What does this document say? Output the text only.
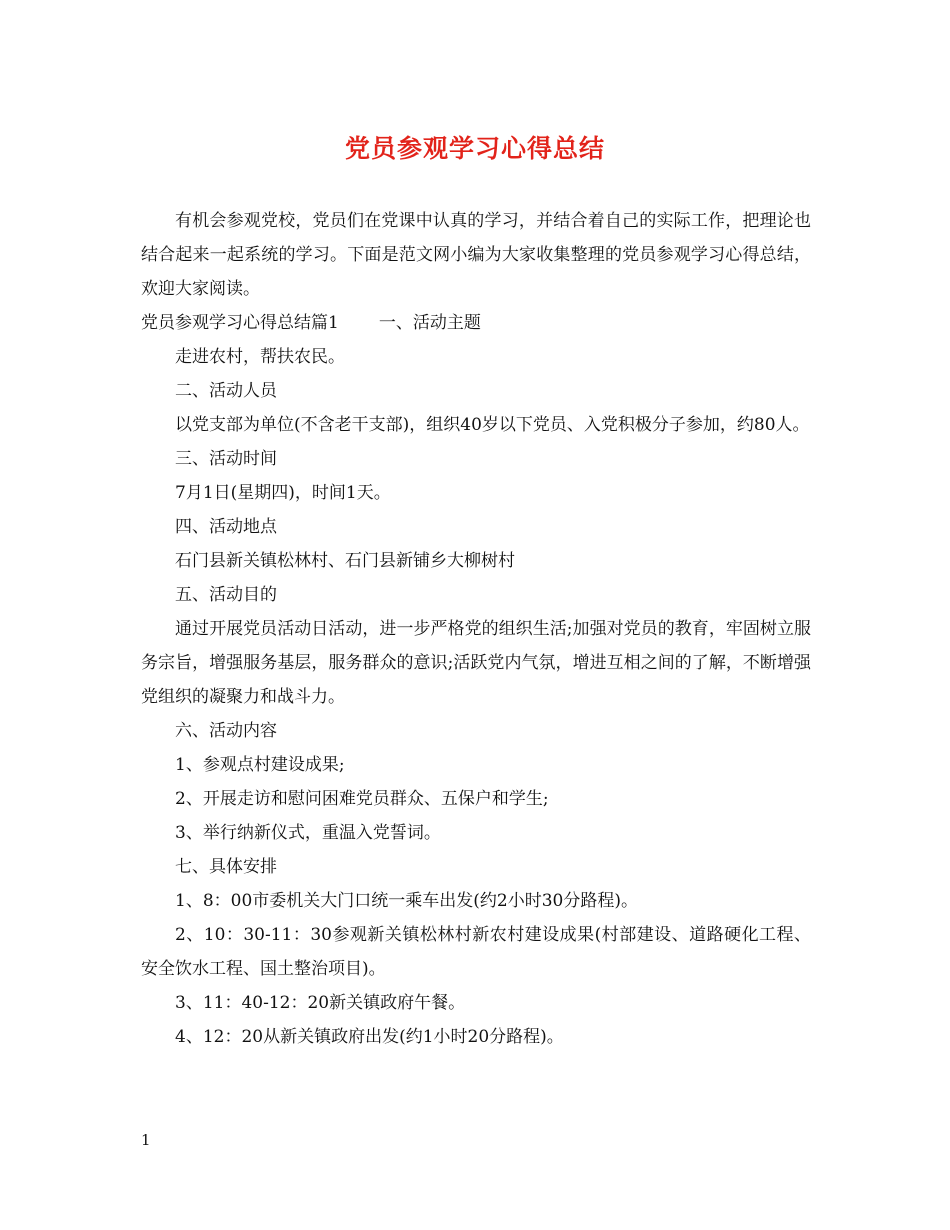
党员参观学习心得总结

有机会参观党校，党员们在党课中认真的学习，并结合着自己的实际工作，把理论也结合起来一起系统的学习。下面是范文网小编为大家收集整理的党员参观学习心得总结，欢迎大家阅读。

党员参观学习心得总结篇1 一、活动主题

走进农村，帮扶农民。

二、活动人员

以党支部为单位(不含老干支部)，组织40岁以下党员、入党积极分子参加，约80人。

三、活动时间

7月1日(星期四)，时间1天。

四、活动地点

石门县新关镇松林村、石门县新铺乡大柳树村

五、活动目的

通过开展党员活动日活动，进一步严格党的组织生活;加强对党员的教育，牢固树立服务宗旨，增强服务基层，服务群众的意识;活跃党内气氛，增进互相之间的了解，不断增强党组织的凝聚力和战斗力。

六、活动内容

1、参观点村建设成果;

2、开展走访和慰问困难党员群众、五保户和学生;

3、举行纳新仪式，重温入党誓词。

七、具体安排

1、8：00市委机关大门口统一乘车出发(约2小时30分路程)。

2、10：30-11：30参观新关镇松林村新农村建设成果(村部建设、道路硬化工程、安全饮水工程、国土整治项目)。

3、11：40-12：20新关镇政府午餐。

4、12：20从新关镇政府出发(约1小时20分路程)。

1
